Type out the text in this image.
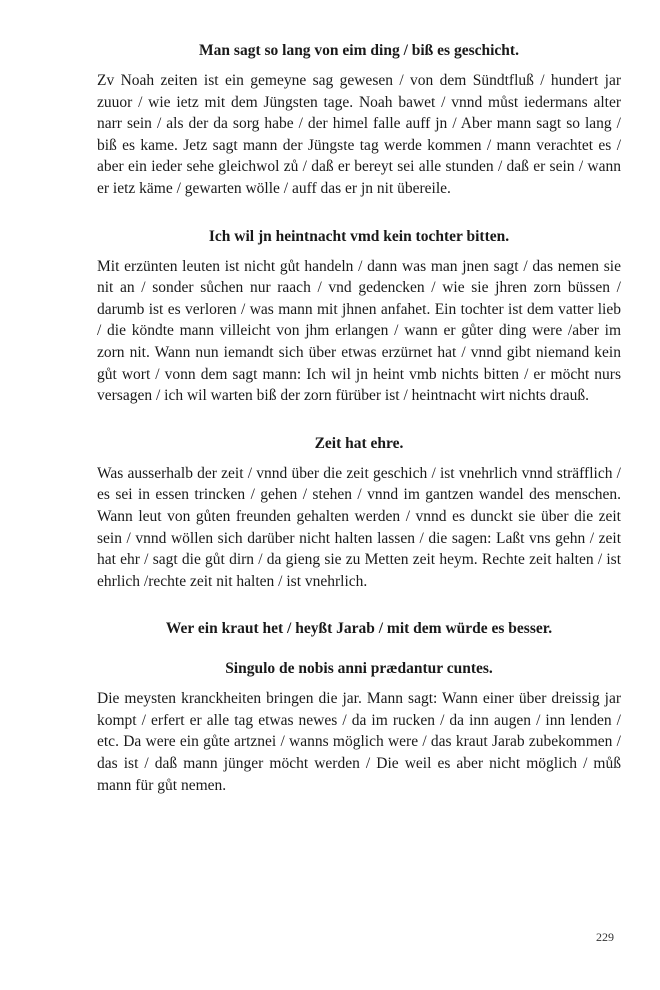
Man sagt so lang von eim ding / biß es geschicht.

Zv Noah zeiten ist ein gemeyne sag gewesen / von dem Sündtfluß / hundert jar zuuor / wie ietz mit dem Jüngsten tage. Noah bawet / vnnd můst iedermans alter narr sein / als der da sorg habe / der himel falle auff jn / Aber mann sagt so lang / biß es kame. Jetz sagt mann der Jüngste tag werde kommen / mann verachtet es / aber ein ieder sehe gleichwol zů / daß er bereyt sei alle stunden / daß er sein / wann er ietz käme / gewarten wölle / auff das er jn nit übereile.

Ich wil jn heintnacht vmd kein tochter bitten.

Mit erzünten leuten ist nicht gůt handeln / dann was man jnen sagt / das nemen sie nit an / sonder sůchen nur raach / vnd gedencken / wie sie jhren zorn büssen / darumb ist es verloren / was mann mit jhnen anfahet. Ein tochter ist dem vatter lieb / die köndte mann villeicht von jhm erlangen / wann er gůter ding were /aber im zorn nit. Wann nun iemandt sich über etwas erzürnet hat / vnnd gibt niemand kein gůt wort / vonn dem sagt mann: Ich wil jn heint vmb nichts bitten / er möcht nurs versagen / ich wil warten biß der zorn fürüber ist / heintnacht wirt nichts drauß.

Zeit hat ehre.

Was ausserhalb der zeit / vnnd über die zeit geschich / ist vnehrlich vnnd sträfflich / es sei in essen trincken / gehen / stehen / vnnd im gantzen wandel des menschen. Wann leut von gůten freunden gehalten werden / vnnd es dunckt sie über die zeit sein / vnnd wöllen sich darüber nicht halten lassen / die sagen: Laßt vns gehn / zeit hat ehr / sagt die gůt dirn / da gieng sie zu Metten zeit heym. Rechte zeit halten / ist ehrlich /rechte zeit nit halten / ist vnehrlich.

Wer ein kraut het / heyßt Jarab / mit dem würde es besser.

Singulo de nobis anni prædantur cuntes.

Die meysten kranckheiten bringen die jar. Mann sagt: Wann einer über dreissig jar kompt / erfert er alle tag etwas newes / da im rucken / da inn augen / inn lenden / etc. Da were ein gůte artznei / wanns möglich were / das kraut Jarab zubekommen / das ist / daß mann jünger möcht werden / Die weil es aber nicht möglich / můß mann für gůt nemen.

229
